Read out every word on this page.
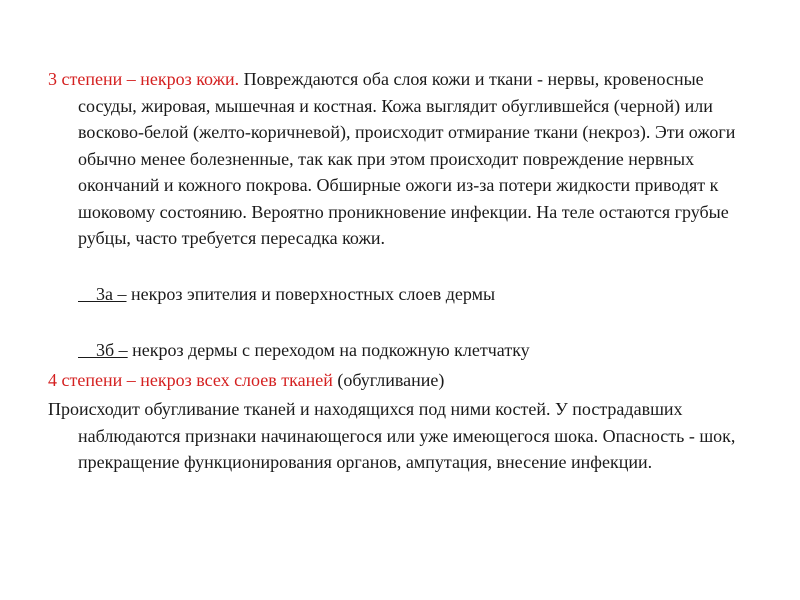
3 степени – некроз кожи. Повреждаются оба слоя кожи и ткани - нервы, кровеносные сосуды, жировая, мышечная и костная. Кожа выглядит обуглившейся (черной) или восково-белой (желто-коричневой), происходит отмирание ткани (некроз). Эти ожоги обычно менее болезненные, так как при этом происходит повреждение нервных окончаний и кожного покрова. Обширные ожоги из-за потери жидкости приводят к шоковому состоянию. Вероятно проникновение инфекции. На теле остаются грубые рубцы, часто требуется пересадка кожи.

3а – некроз эпителия и поверхностных слоев дермы

3б – некроз дермы с переходом на подкожную клетчатку

4 степени – некроз всех слоев тканей (обугливание)

Происходит обугливание тканей и находящихся под ними костей. У пострадавших наблюдаются признаки начинающегося или уже имеющегося шока. Опасность - шок, прекращение функционирования органов, ампутация, внесение инфекции.
